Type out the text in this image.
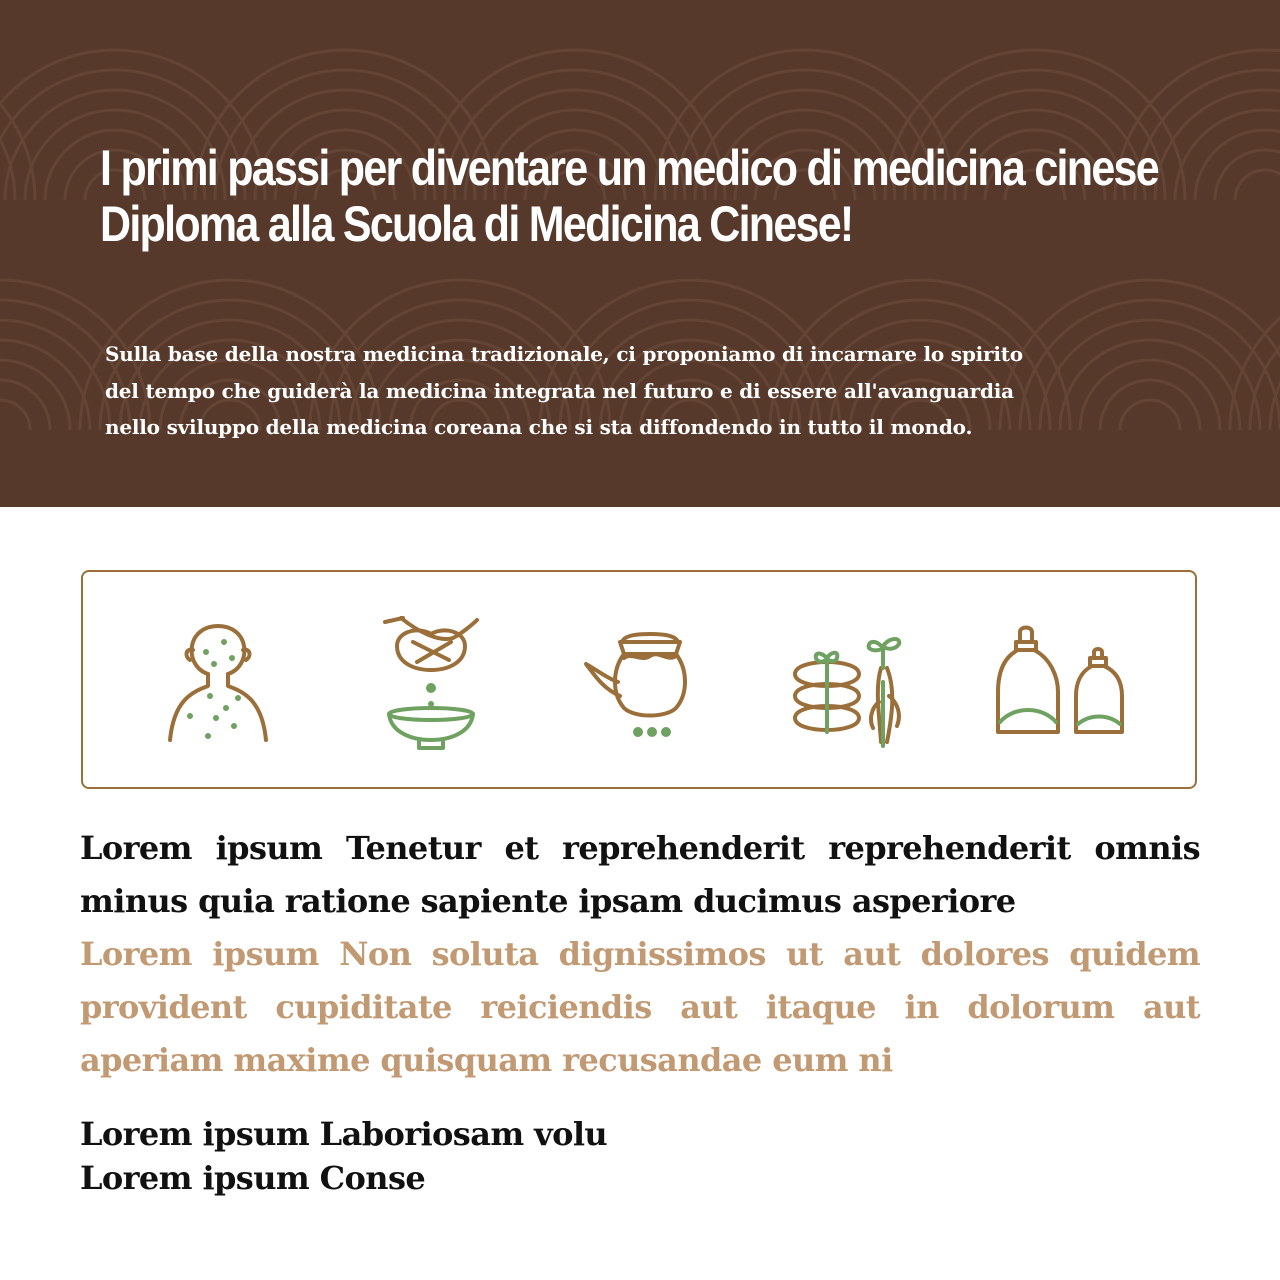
I primi passi per diventare un medico di medicina cinese
Diploma alla Scuola di Medicina Cinese!

Sulla base della nostra medicina tradizionale, ci proponiamo di incarnare lo spirito
del tempo che guiderà la medicina integrata nel futuro e di essere all'avanguardia
nello sviluppo della medicina coreana che si sta diffondendo in tutto il mondo.

Lorem ipsum Tenetur et reprehenderit reprehenderit omnis
minus quia ratione sapiente ipsam ducimus asperiore
Lorem ipsum Non soluta dignissimos ut aut dolores quidem
provident cupiditate reiciendis aut itaque in dolorum aut
aperiam maxime quisquam recusandae eum ni
Lorem ipsum Laboriosam volu
Lorem ipsum Conse
